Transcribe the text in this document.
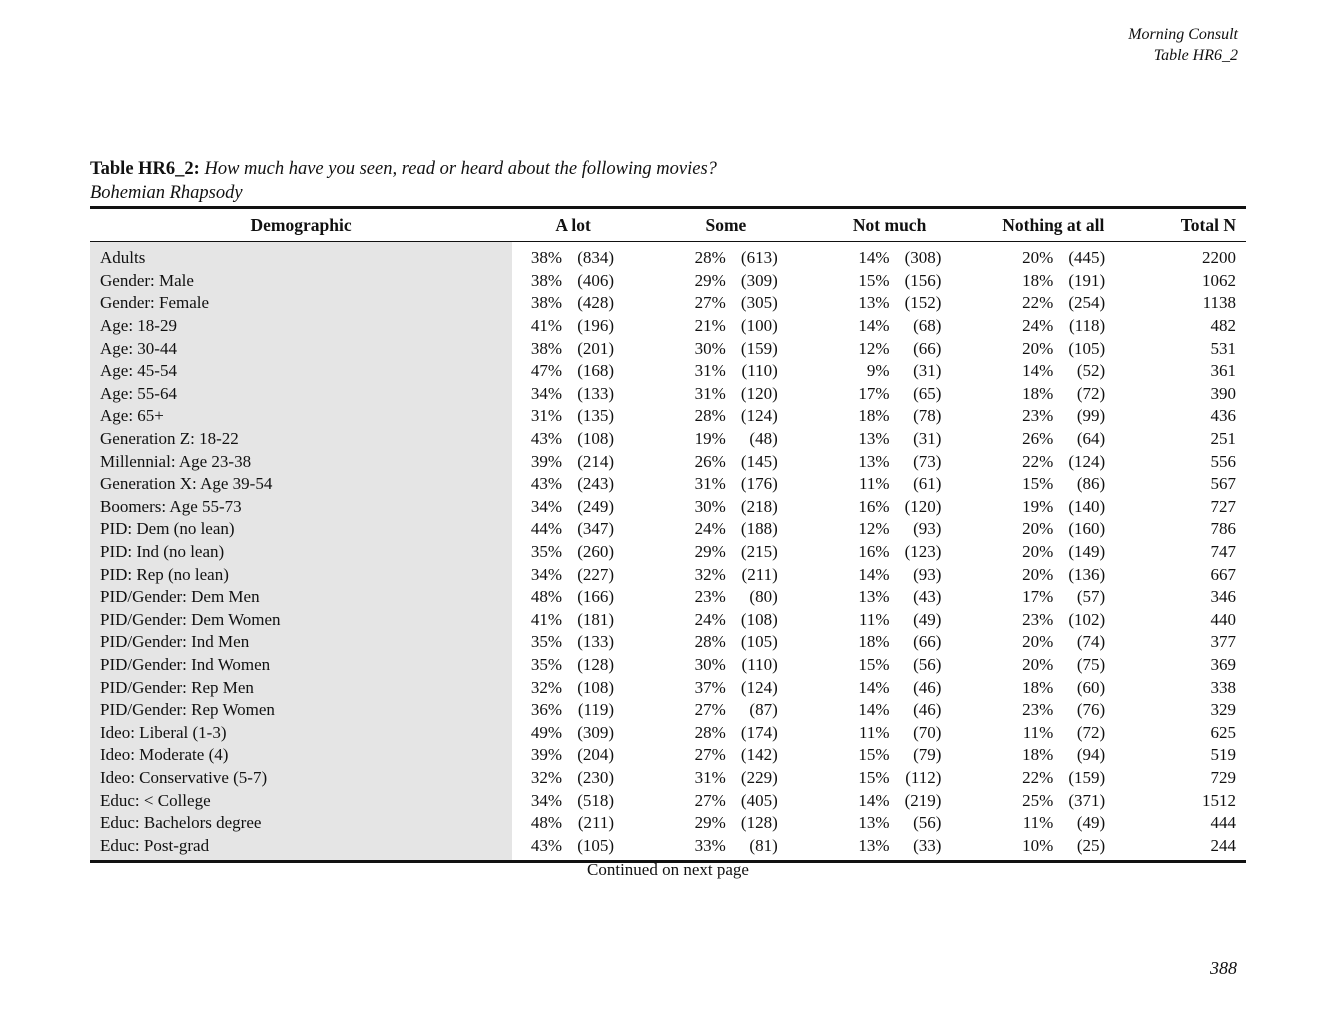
Morning Consult
Table HR6_2
Table HR6_2: How much have you seen, read or heard about the following movies?
Bohemian Rhapsody
Demographic	A lot		Some		Not much		Nothing at all		Total N
Adults	38%	(834)	28%	(613)	14%	(308)	20%	(445)	2200
Gender: Male	38%	(406)	29%	(309)	15%	(156)	18%	(191)	1062
Gender: Female	38%	(428)	27%	(305)	13%	(152)	22%	(254)	1138
Age: 18-29	41%	(196)	21%	(100)	14%	(68)	24%	(118)	482
Age: 30-44	38%	(201)	30%	(159)	12%	(66)	20%	(105)	531
Age: 45-54	47%	(168)	31%	(110)	9%	(31)	14%	(52)	361
Age: 55-64	34%	(133)	31%	(120)	17%	(65)	18%	(72)	390
Age: 65+	31%	(135)	28%	(124)	18%	(78)	23%	(99)	436
Generation Z: 18-22	43%	(108)	19%	(48)	13%	(31)	26%	(64)	251
Millennial: Age 23-38	39%	(214)	26%	(145)	13%	(73)	22%	(124)	556
Generation X: Age 39-54	43%	(243)	31%	(176)	11%	(61)	15%	(86)	567
Boomers: Age 55-73	34%	(249)	30%	(218)	16%	(120)	19%	(140)	727
PID: Dem (no lean)	44%	(347)	24%	(188)	12%	(93)	20%	(160)	786
PID: Ind (no lean)	35%	(260)	29%	(215)	16%	(123)	20%	(149)	747
PID: Rep (no lean)	34%	(227)	32%	(211)	14%	(93)	20%	(136)	667
PID/Gender: Dem Men	48%	(166)	23%	(80)	13%	(43)	17%	(57)	346
PID/Gender: Dem Women	41%	(181)	24%	(108)	11%	(49)	23%	(102)	440
PID/Gender: Ind Men	35%	(133)	28%	(105)	18%	(66)	20%	(74)	377
PID/Gender: Ind Women	35%	(128)	30%	(110)	15%	(56)	20%	(75)	369
PID/Gender: Rep Men	32%	(108)	37%	(124)	14%	(46)	18%	(60)	338
PID/Gender: Rep Women	36%	(119)	27%	(87)	14%	(46)	23%	(76)	329
Ideo: Liberal (1-3)	49%	(309)	28%	(174)	11%	(70)	11%	(72)	625
Ideo: Moderate (4)	39%	(204)	27%	(142)	15%	(79)	18%	(94)	519
Ideo: Conservative (5-7)	32%	(230)	31%	(229)	15%	(112)	22%	(159)	729
Educ: < College	34%	(518)	27%	(405)	14%	(219)	25%	(371)	1512
Educ: Bachelors degree	48%	(211)	29%	(128)	13%	(56)	11%	(49)	444
Educ: Post-grad	43%	(105)	33%	(81)	13%	(33)	10%	(25)	244
Continued on next page
388
